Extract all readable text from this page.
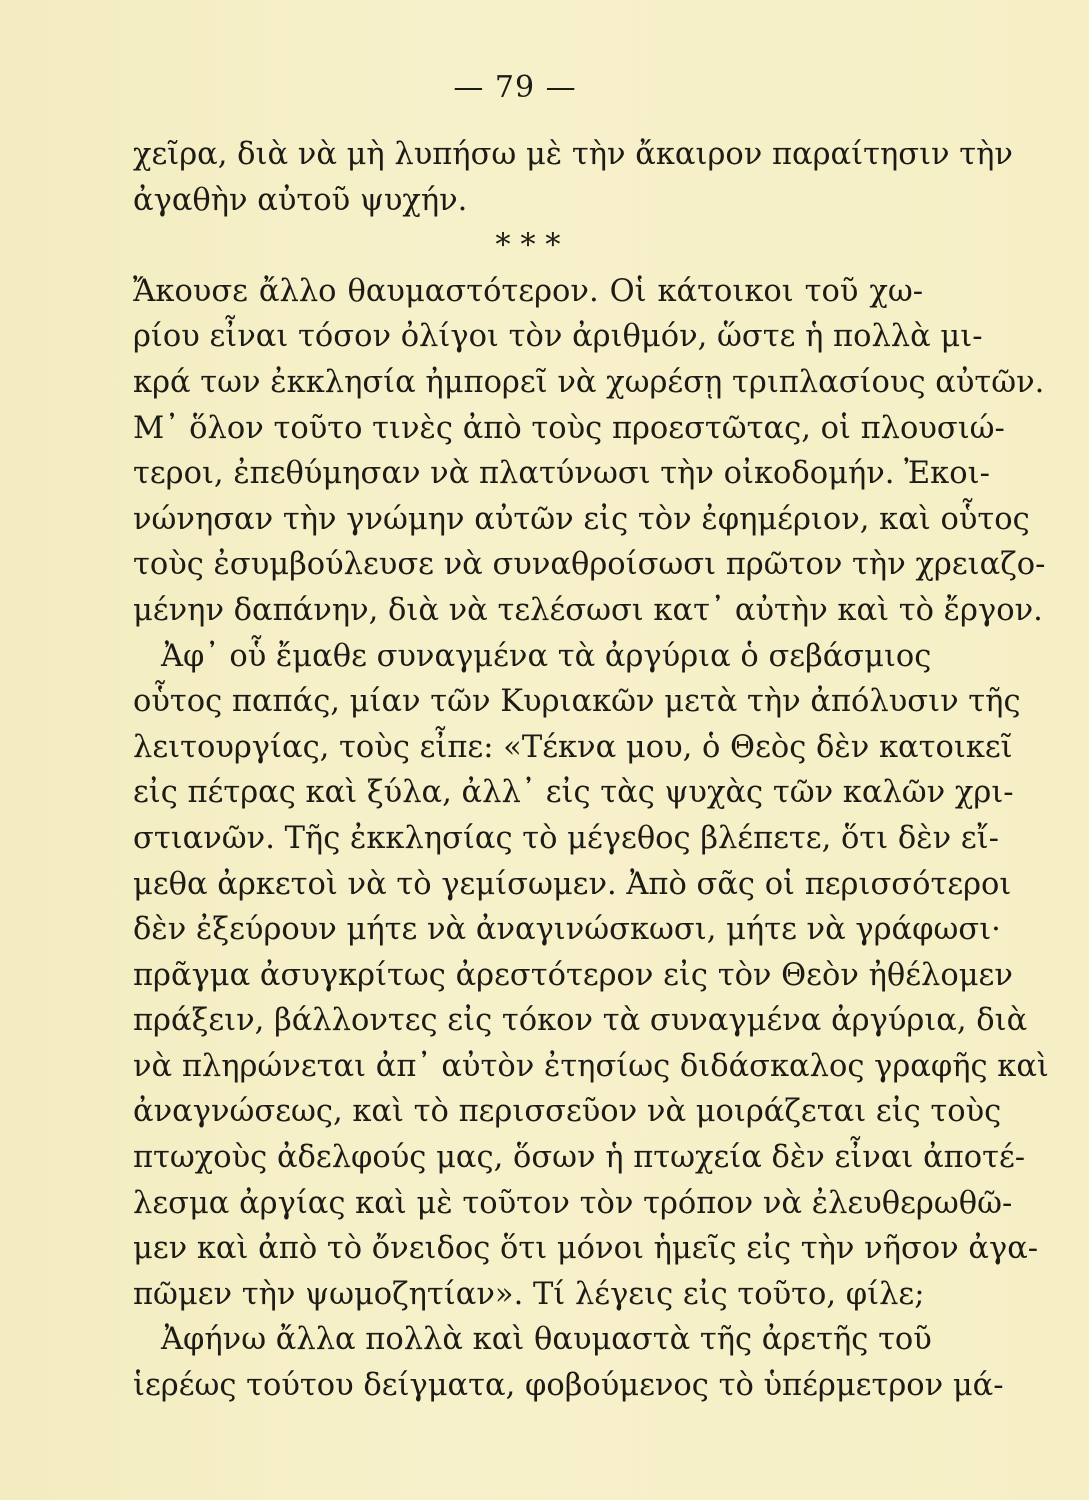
— 79 —
χεῖρα, διὰ νὰ μὴ λυπήσω μὲ τὴν ἄκαιρον παραίτησιν τὴν
ἀγαθὴν αὐτοῦ ψυχήν.
* * *
Ἄκουσε ἄλλο θαυμαστότερον. Οἱ κάτοικοι τοῦ χω-
ρίου εἶναι τόσον ὀλίγοι τὸν ἀριθμόν, ὥστε ἡ πολλὰ μι-
κρά των ἐκκλησία ἠμπορεῖ νὰ χωρέσῃ τριπλασίους αὐτῶν.
Μ᾽ ὅλον τοῦτο τινὲς ἀπὸ τοὺς προεστῶτας, οἱ πλουσιώ-
τεροι, ἐπεθύμησαν νὰ πλατύνωσι τὴν οἰκοδομήν. Ἐκοι-
νώνησαν τὴν γνώμην αὐτῶν εἰς τὸν ἐφημέριον, καὶ οὗτος
τοὺς ἐσυμβούλευσε νὰ συναθροίσωσι πρῶτον τὴν χρειαζο-
μένην δαπάνην, διὰ νὰ τελέσωσι κατ᾽ αὐτὴν καὶ τὸ ἔργον.
Ἀφ᾽ οὗ ἔμαθε συναγμένα τὰ ἀργύρια ὁ σεβάσμιος
οὗτος παπάς, μίαν τῶν Κυριακῶν μετὰ τὴν ἀπόλυσιν τῆς
λειτουργίας, τοὺς εἶπε: «Τέκνα μου, ὁ Θεὸς δὲν κατοικεῖ
εἰς πέτρας καὶ ξύλα, ἀλλ᾽ εἰς τὰς ψυχὰς τῶν καλῶν χρι-
στιανῶν. Τῆς ἐκκλησίας τὸ μέγεθος βλέπετε, ὅτι δὲν εἴ-
μεθα ἀρκετοὶ νὰ τὸ γεμίσωμεν. Ἀπὸ σᾶς οἱ περισσότεροι
δὲν ἐξεύρουν μήτε νὰ ἀναγινώσκωσι, μήτε νὰ γράφωσι·
πρᾶγμα ἀσυγκρίτως ἀρεστότερον εἰς τὸν Θεὸν ἠθέλομεν
πράξειν, βάλλοντες εἰς τόκον τὰ συναγμένα ἀργύρια, διὰ
νὰ πληρώνεται ἀπ᾽ αὐτὸν ἐτησίως διδάσκαλος γραφῆς καὶ
ἀναγνώσεως, καὶ τὸ περισσεῦον νὰ μοιράζεται εἰς τοὺς
πτωχοὺς ἀδελφούς μας, ὅσων ἡ πτωχεία δὲν εἶναι ἀποτέ-
λεσμα ἀργίας καὶ μὲ τοῦτον τὸν τρόπον νὰ ἐλευθερωθῶ-
μεν καὶ ἀπὸ τὸ ὄνειδος ὅτι μόνοι ἡμεῖς εἰς τὴν νῆσον ἀγα-
πῶμεν τὴν ψωμοζητίαν». Τί λέγεις εἰς τοῦτο, φίλε;
Ἀφήνω ἄλλα πολλὰ καὶ θαυμαστὰ τῆς ἀρετῆς τοῦ
ἱερέως τούτου δείγματα, φοβούμενος τὸ ὑπέρμετρον μά-
